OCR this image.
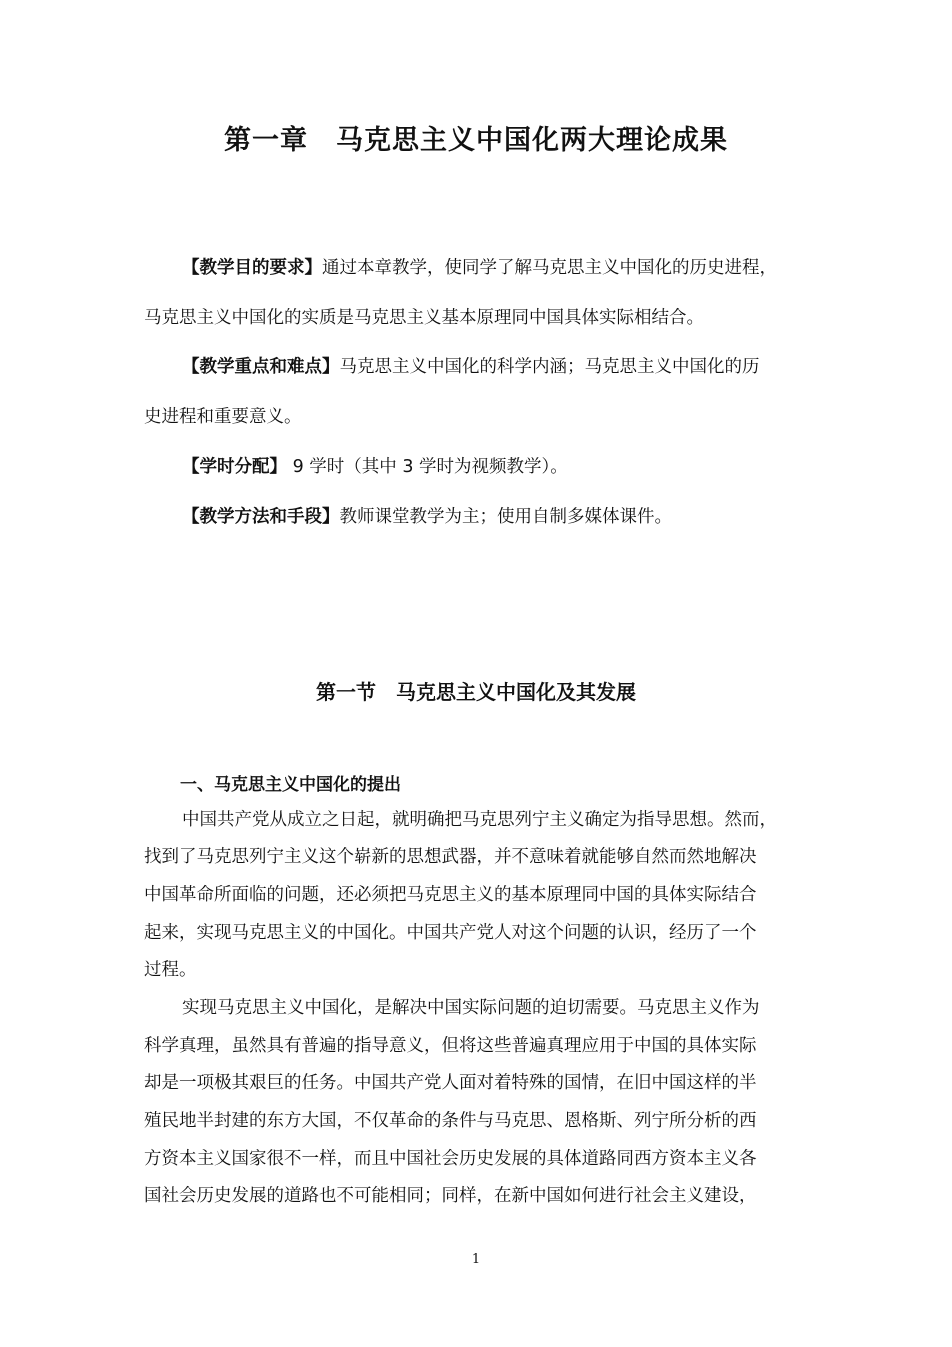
第一章　马克思主义中国化两大理论成果
【教学目的要求】通过本章教学，使同学了解马克思主义中国化的历史进程，
马克思主义中国化的实质是马克思主义基本原理同中国具体实际相结合。
【教学重点和难点】马克思主义中国化的科学内涵；马克思主义中国化的历
史进程和重要意义。
【学时分配】 9 学时（其中 3 学时为视频教学）。
【教学方法和手段】教师课堂教学为主；使用自制多媒体课件。
第一节　马克思主义中国化及其发展
一、马克思主义中国化的提出
中国共产党从成立之日起，就明确把马克思列宁主义确定为指导思想。然而，
找到了马克思列宁主义这个崭新的思想武器，并不意味着就能够自然而然地解决
中国革命所面临的问题，还必须把马克思主义的基本原理同中国的具体实际结合
起来，实现马克思主义的中国化。中国共产党人对这个问题的认识，经历了一个
过程。
实现马克思主义中国化，是解决中国实际问题的迫切需要。马克思主义作为
科学真理，虽然具有普遍的指导意义，但将这些普遍真理应用于中国的具体实际
却是一项极其艰巨的任务。中国共产党人面对着特殊的国情，在旧中国这样的半
殖民地半封建的东方大国，不仅革命的条件与马克思、恩格斯、列宁所分析的西
方资本主义国家很不一样，而且中国社会历史发展的具体道路同西方资本主义各
国社会历史发展的道路也不可能相同；同样，在新中国如何进行社会主义建设，
1
